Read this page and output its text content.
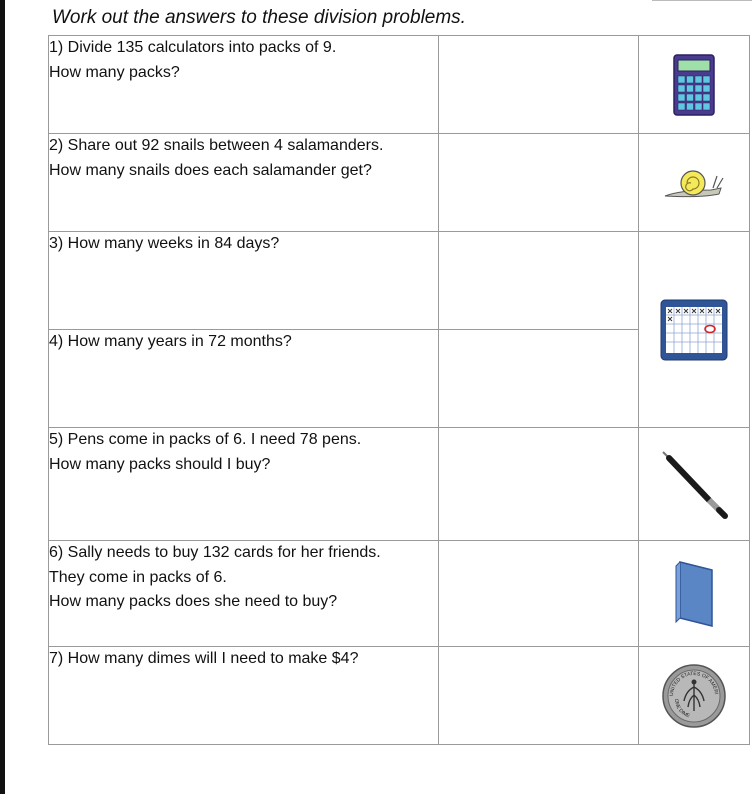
Work out the answers to these division problems.
1) Divide 135 calculators into packs of 9.
How many packs?

2) Share out 92 snails between 4 salamanders.
How many snails does each salamander get?

3) How many weeks in 84 days?

4) How many years in 72 months?		

5) Pens come in packs of 6. I need 78 pens.
How many packs should I buy?

6) Sally needs to buy 132 cards for her friends.
They come in packs of 6.
How many packs does she need to buy?

7) How many dimes will I need to make $4?		UNITED STATES OF AMERI
ONE DIME
